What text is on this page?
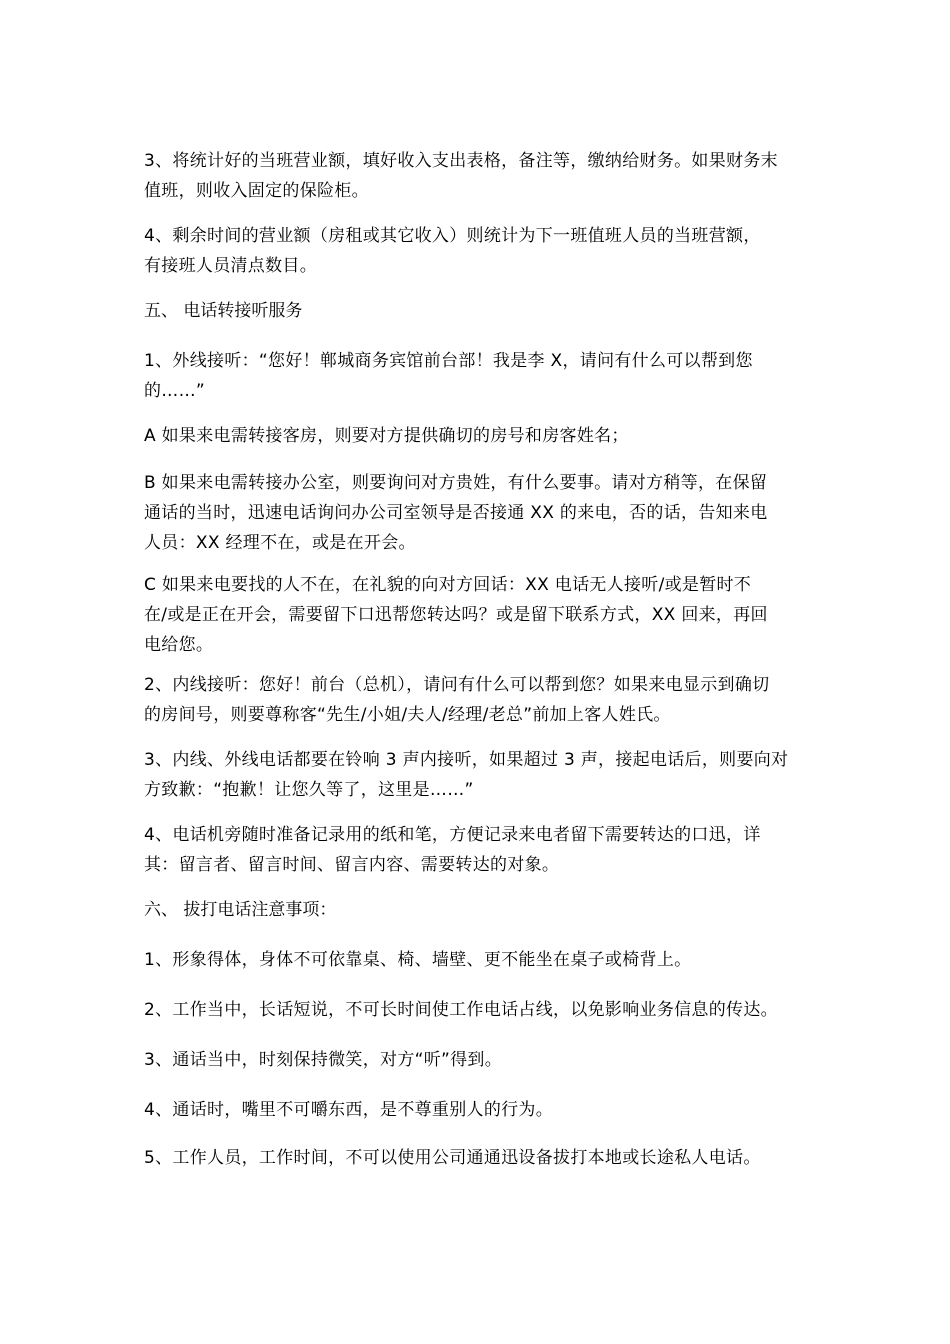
3、将统计好的当班营业额，填好收入支出表格，备注等，缴纳给财务。如果财务末
值班，则收入固定的保险柜。

4、剩余时间的营业额（房租或其它收入）则统计为下一班值班人员的当班营额，
有接班人员清点数目。

五、 电话转接听服务

1、外线接听：“您好！郸城商务宾馆前台部！我是李 X，请问有什么可以帮到您
的……”

A 如果来电需转接客房，则要对方提供确切的房号和房客姓名；

B 如果来电需转接办公室，则要询问对方贵姓，有什么要事。请对方稍等，在保留
通话的当时，迅速电话询问办公司室领导是否接通 XX 的来电，否的话，告知来电
人员：XX 经理不在，或是在开会。

C 如果来电要找的人不在，在礼貌的向对方回话：XX 电话无人接听/或是暂时不
在/或是正在开会，需要留下口迅帮您转达吗？或是留下联系方式，XX 回来，再回
电给您。

2、内线接听：您好！前台（总机），请问有什么可以帮到您？如果来电显示到确切
的房间号，则要尊称客“先生/小姐/夫人/经理/老总”前加上客人姓氏。

3、内线、外线电话都要在铃响 3 声内接听，如果超过 3 声，接起电话后，则要向对
方致歉：“抱歉！让您久等了，这里是……”

4、电话机旁随时准备记录用的纸和笔，方便记录来电者留下需要转达的口迅，详
其：留言者、留言时间、留言内容、需要转达的对象。

六、 拔打电话注意事项：

1、形象得体，身体不可依靠桌、椅、墙壁、更不能坐在桌子或椅背上。

2、工作当中，长话短说，不可长时间使工作电话占线，以免影响业务信息的传达。

3、通话当中，时刻保持微笑，对方“听”得到。

4、通话时，嘴里不可嚼东西，是不尊重别人的行为。

5、工作人员，工作时间，不可以使用公司通通迅设备拔打本地或长途私人电话。
